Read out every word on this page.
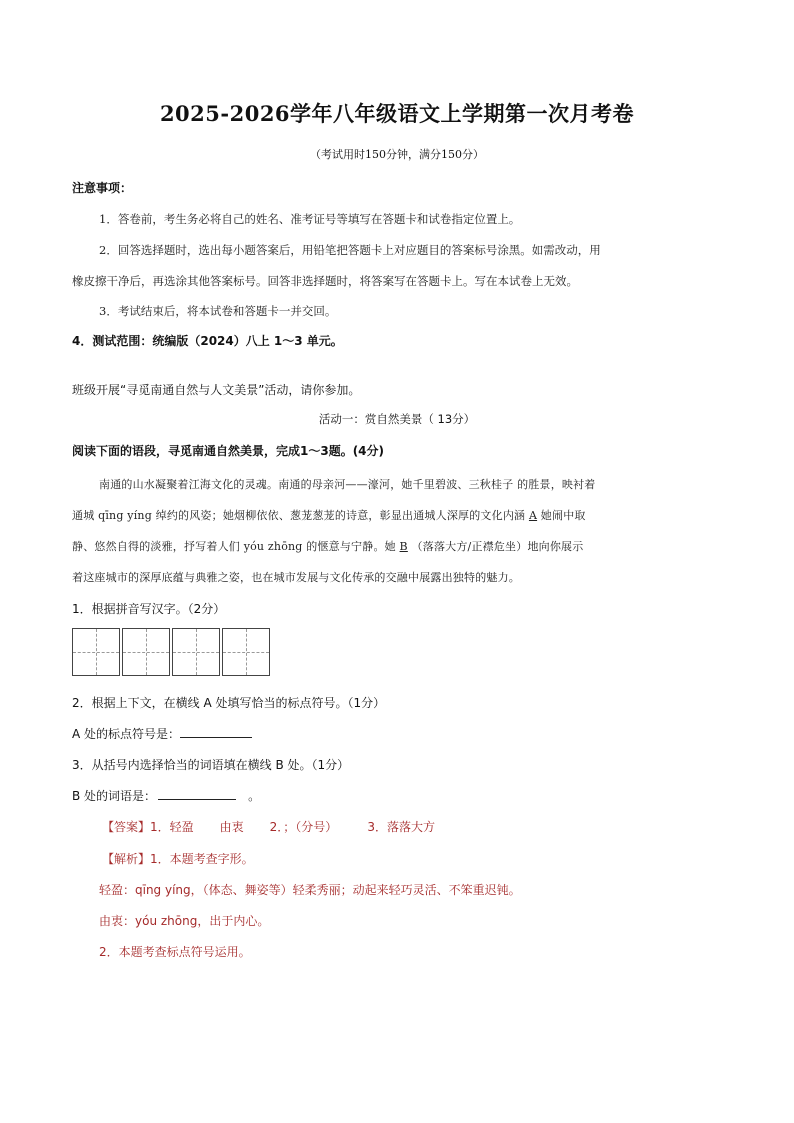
2025-2026学年八年级语文上学期第一次月考卷
（考试用时150分钟，满分150分）
注意事项：
1．答卷前，考生务必将自己的姓名、准考证号等填写在答题卡和试卷指定位置上。
2．回答选择题时，选出每小题答案后，用铅笔把答题卡上对应题目的答案标号涂黑。如需改动，用
橡皮擦干净后，再选涂其他答案标号。回答非选择题时，将答案写在答题卡上。写在本试卷上无效。
3．考试结束后，将本试卷和答题卡一并交回。
4．测试范围：统编版（2024）八上 1～3 单元。
班级开展“寻觅南通自然与人文美景”活动，请你参加。
活动一：赏自然美景（ 13分）
阅读下面的语段，寻觅南通自然美景，完成1～3题。(4分)
南通的山水凝聚着江海文化的灵魂。南通的母亲河——濠河，她千里碧波、三秋桂子 的胜景，映衬着
通城 qīng yíng 绰约的风姿；她烟柳依依、葱茏葱茏的诗意，彰显出通城人深厚的文化内涵 A 她闹中取
静、悠然自得的淡雅，抒写着人们 yóu zhōng 的惬意与宁静。她 B （落落大方/正襟危坐）地向你展示
着这座城市的深厚底蕴与典雅之姿，也在城市发展与文化传承的交融中展露出独特的魅力。
1．根据拼音写汉字。（2分）
2．根据上下文，在横线 A 处填写恰当的标点符号。（1分）
A 处的标点符号是：
3．从括号内选择恰当的词语填在横线 B 处。（1分）
B 处的词语是：	。
【答案】1．轻盈 由衷 2．；（分号）	3．落落大方
【解析】1．本题考查字形。
轻盈：qīng yíng，（体态、舞姿等）轻柔秀丽；动起来轻巧灵活、不笨重迟钝。
由衷：yóu zhōng，出于内心。
2．本题考查标点符号运用。
